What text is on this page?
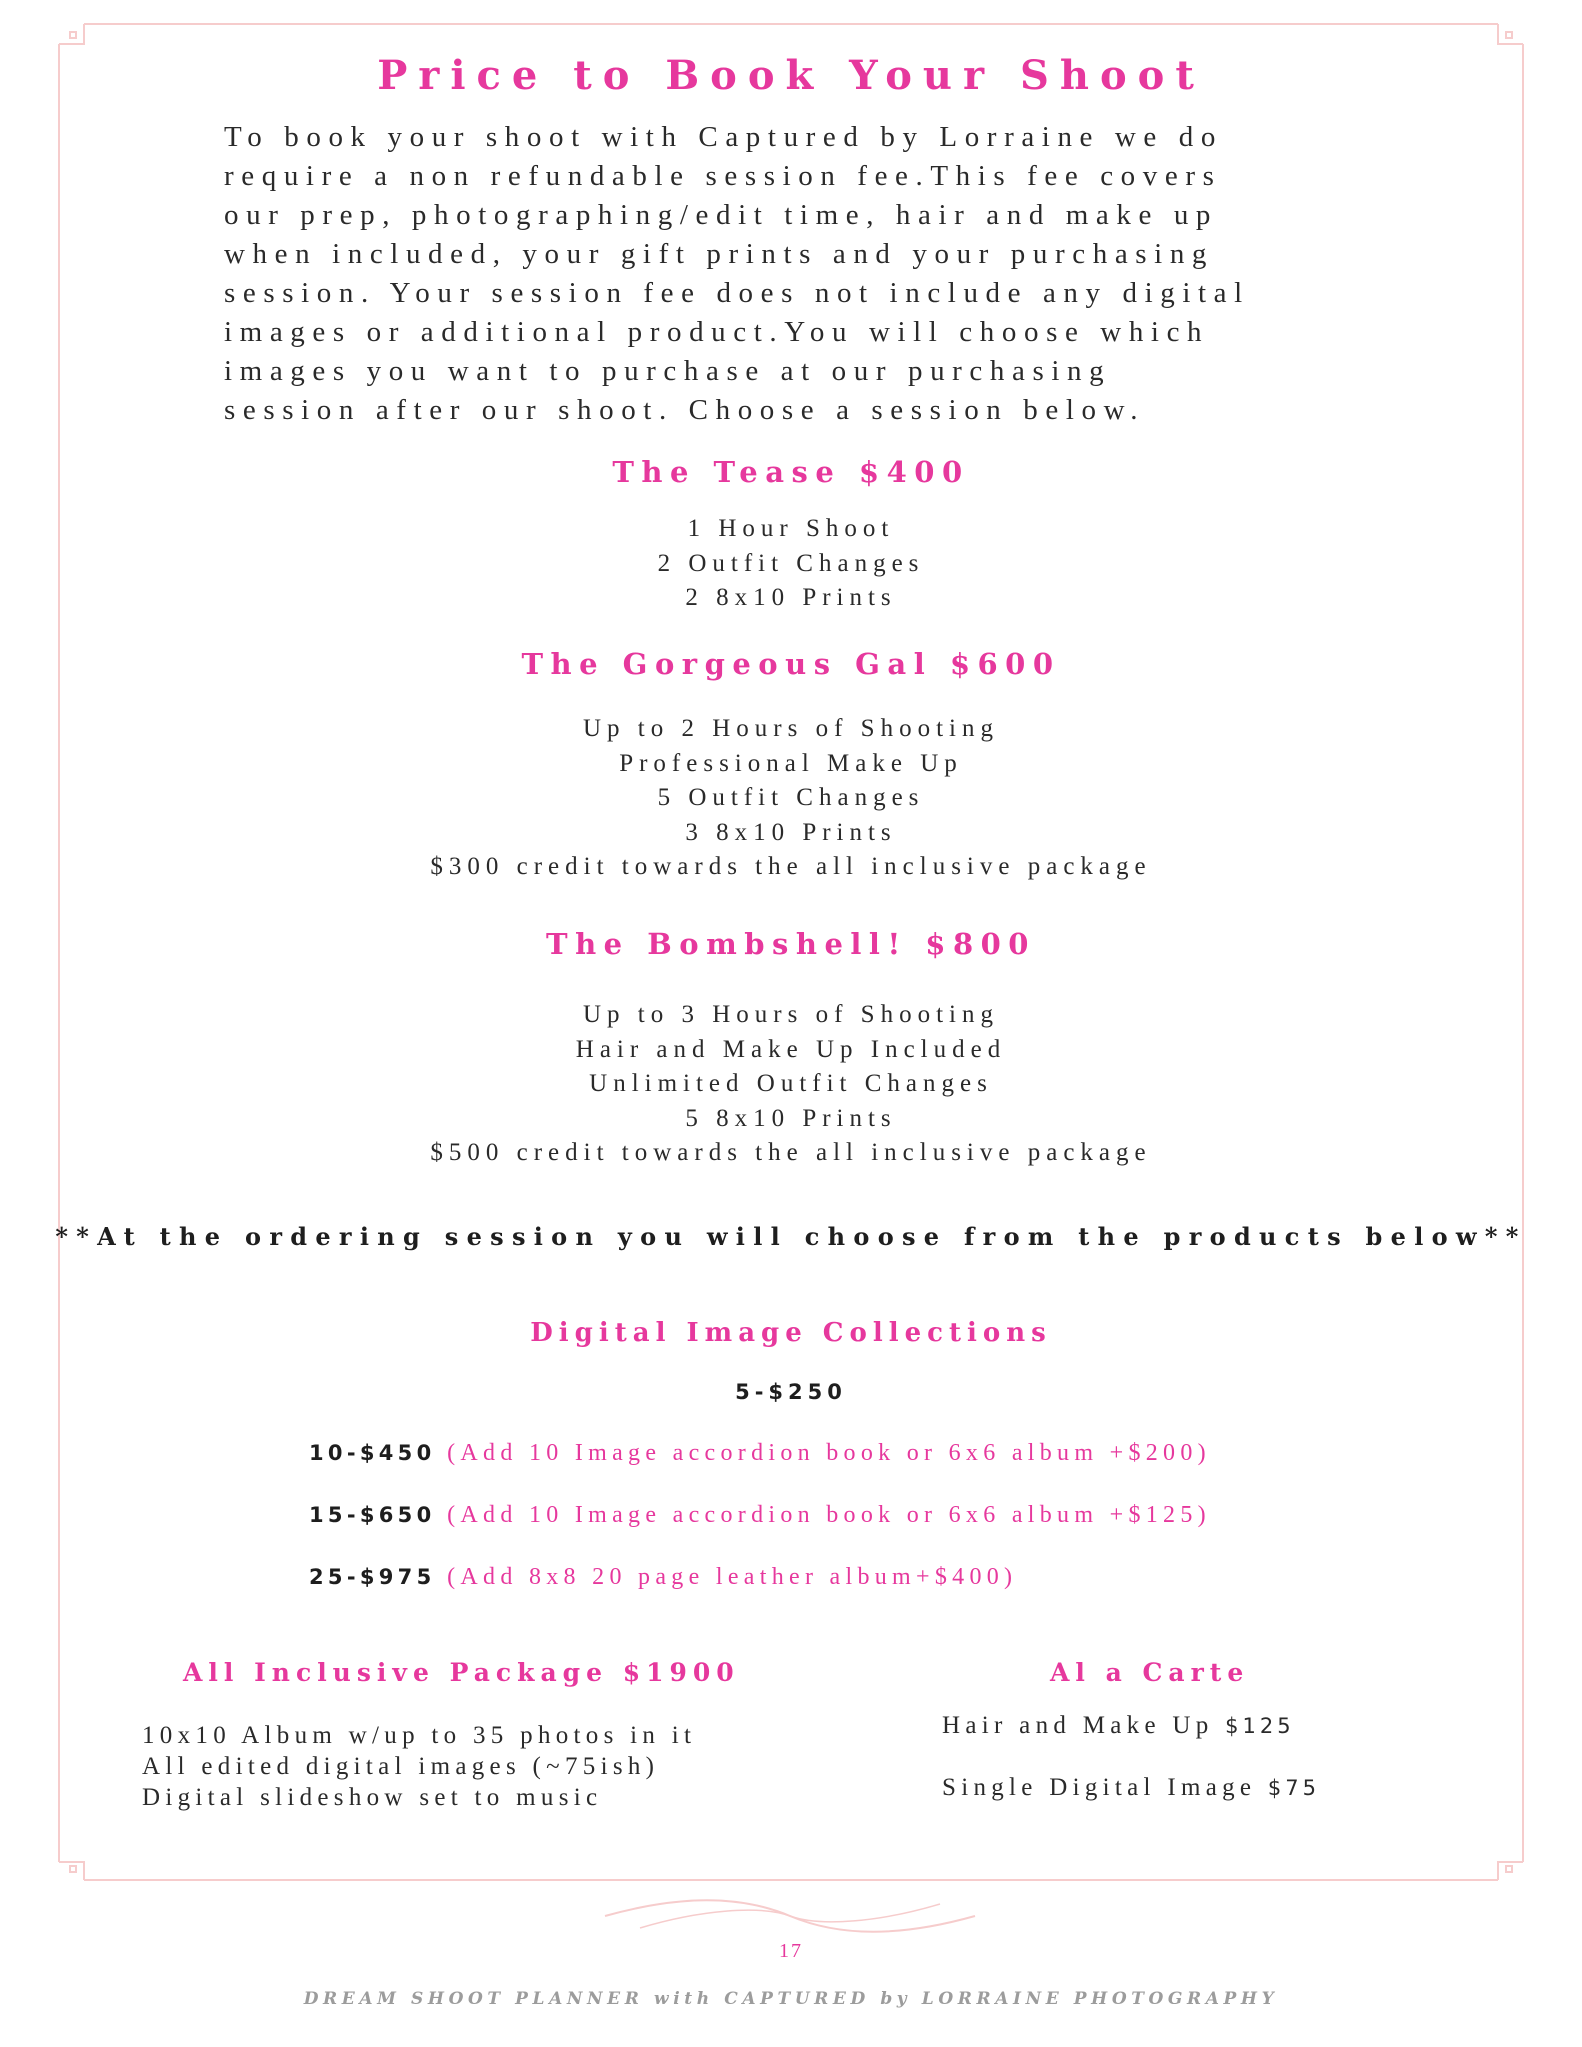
Price to Book Your Shoot
To book your shoot with Captured by Lorraine we do
require a non refundable session fee.This fee covers
our prep, photographing/edit time, hair and make up
when included, your gift prints and your purchasing
session. Your session fee does not include any digital
images or additional product.You will choose which
images you want to purchase at our purchasing
session after our shoot. Choose a session below.
The Tease $400
1 Hour Shoot
2 Outfit Changes
2 8x10 Prints
The Gorgeous Gal $600
Up to 2 Hours of Shooting
Professional Make Up
5 Outfit Changes
3 8x10 Prints
$300 credit towards the all inclusive package
The Bombshell! $800
Up to 3 Hours of Shooting
Hair and Make Up Included
Unlimited Outfit Changes
5 8x10 Prints
$500 credit towards the all inclusive package
**At the ordering session you will choose from the products below**
Digital Image Collections
5-$250
10-$450 (Add 10 Image accordion book or 6x6 album +$200)
15-$650 (Add 10 Image accordion book or 6x6 album +$125)
25-$975 (Add 8x8 20 page leather album+$400)
All Inclusive Package $1900
10x10 Album w/up to 35 photos in it
All edited digital images (~75ish)
Digital slideshow set to music
Al a Carte
Hair and Make Up $125
Single Digital Image $75
17
DREAM SHOOT PLANNER with CAPTURED by LORRAINE PHOTOGRAPHY
